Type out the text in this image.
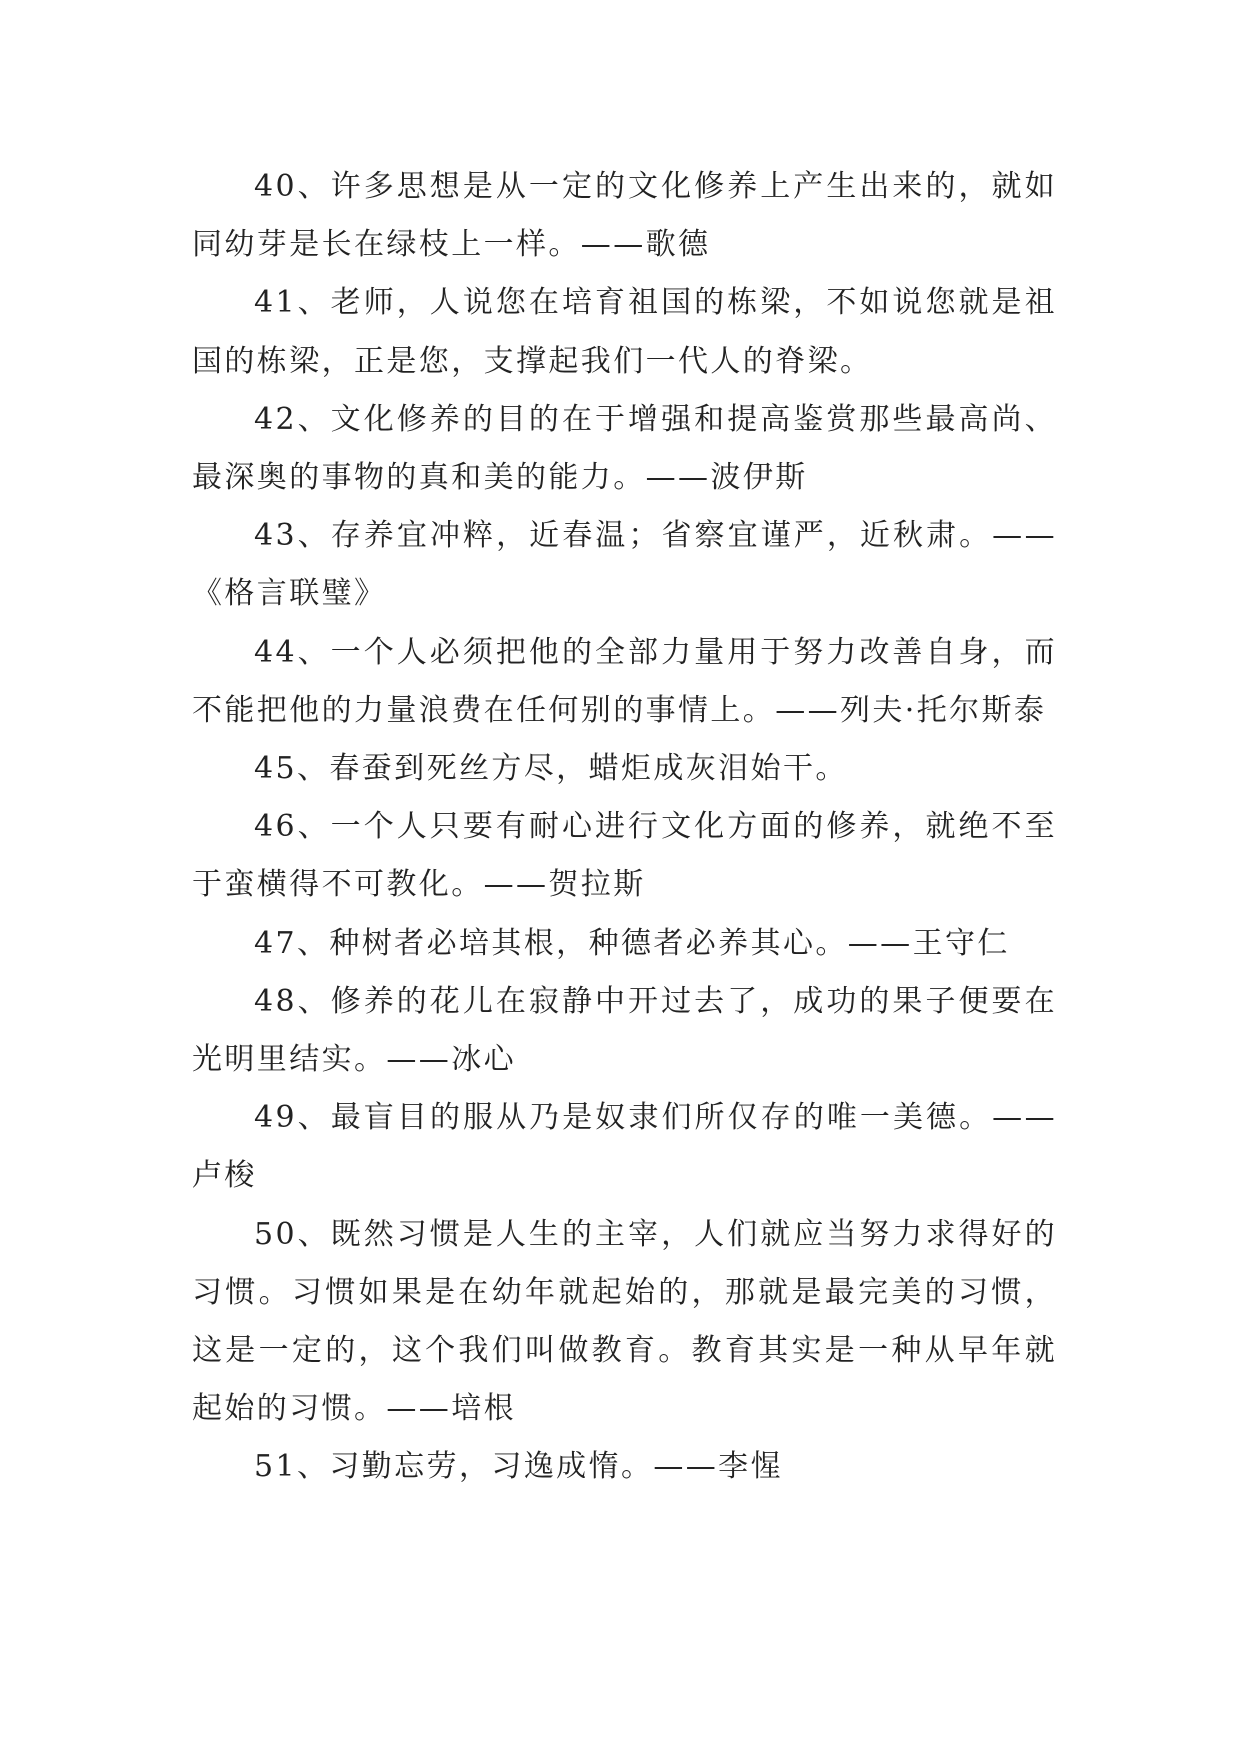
40、许多思想是从一定的文化修养上产生出来的，就如同幼芽是长在绿枝上一样。——歌德

41、老师，人说您在培育祖国的栋梁，不如说您就是祖国的栋梁，正是您，支撑起我们一代人的脊梁。

42、文化修养的目的在于增强和提高鉴赏那些最高尚、最深奥的事物的真和美的能力。——波伊斯

43、存养宜冲粹，近春温；省察宜谨严，近秋肃。——《格言联璧》

44、一个人必须把他的全部力量用于努力改善自身，而不能把他的力量浪费在任何别的事情上。——列夫·托尔斯泰

45、春蚕到死丝方尽，蜡炬成灰泪始干。

46、一个人只要有耐心进行文化方面的修养，就绝不至于蛮横得不可教化。——贺拉斯

47、种树者必培其根，种德者必养其心。——王守仁

48、修养的花儿在寂静中开过去了，成功的果子便要在光明里结实。——冰心

49、最盲目的服从乃是奴隶们所仅存的唯一美德。——卢梭

50、既然习惯是人生的主宰，人们就应当努力求得好的习惯。习惯如果是在幼年就起始的，那就是最完美的习惯，这是一定的，这个我们叫做教育。教育其实是一种从早年就起始的习惯。——培根

51、习勤忘劳，习逸成惰。——李惺
